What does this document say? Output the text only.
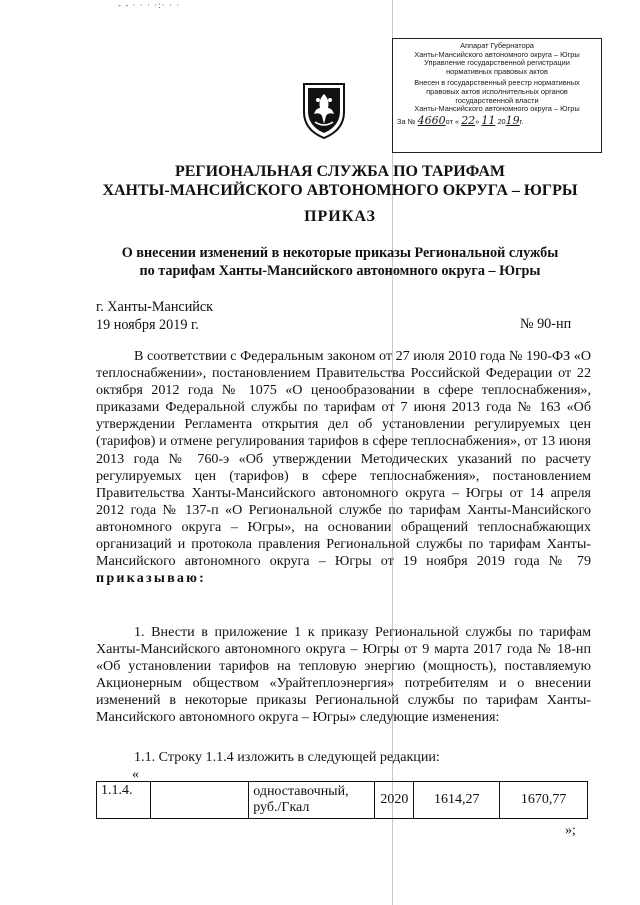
- - · · · ·:· · ·
Аппарат Губернатора
Ханты-Мансийского автономного округа – Югры
Управление государственной регистрации
нормативных правовых актов
Внесен в государственный реестр нормативных
правовых актов исполнительных органов
государственной власти
Ханты-Мансийского автономного округа – Югры
За № 4660от « 22» 11 2019г.
РЕГИОНАЛЬНАЯ СЛУЖБА ПО ТАРИФАМ
ХАНТЫ-МАНСИЙСКОГО АВТОНОМНОГО ОКРУГА – ЮГРЫ
ПРИКАЗ
О внесении изменений в некоторые приказы Региональной службы
по тарифам Ханты-Мансийского автономного округа – Югры
г. Ханты-Мансийск
19 ноября 2019 г.	№ 90-нп
В соответствии с Федеральным законом от 27 июля 2010 года № 190-ФЗ «О теплоснабжении», постановлением Правительства Российской Федерации от 22 октября 2012 года № 1075 «О ценообразовании в сфере теплоснабжения», приказами Федеральной службы по тарифам от 7 июня 2013 года № 163 «Об утверждении Регламента открытия дел об установлении регулируемых цен (тарифов) и отмене регулирования тарифов в сфере теплоснабжения», от 13 июня 2013 года № 760-э «Об утверждении Методических указаний по расчету регулируемых цен (тарифов) в сфере теплоснабжения», постановлением Правительства Ханты-Мансийского автономного округа – Югры от 14 апреля 2012 года № 137-п «О Региональной службе по тарифам Ханты-Мансийского автономного округа – Югры», на основании обращений теплоснабжающих организаций и протокола правления Региональной службы по тарифам Ханты-Мансийского автономного округа – Югры от 19 ноября 2019 года № 79 приказываю:
1. Внести в приложение 1 к приказу Региональной службы по тарифам Ханты-Мансийского автономного округа – Югры от 9 марта 2017 года № 18-нп «Об установлении тарифов на тепловую энергию (мощность), поставляемую Акционерным обществом «Урайтеплоэнергия» потребителям и о внесении изменений в некоторые приказы Региональной службы по тарифам Ханты-Мансийского автономного округа – Югры» следующие изменения:
1.1. Строку 1.1.4 изложить в следующей редакции:
«
1.1.4.		одноставочный, руб./Гкал	2020	1614,27	1670,77
»;
